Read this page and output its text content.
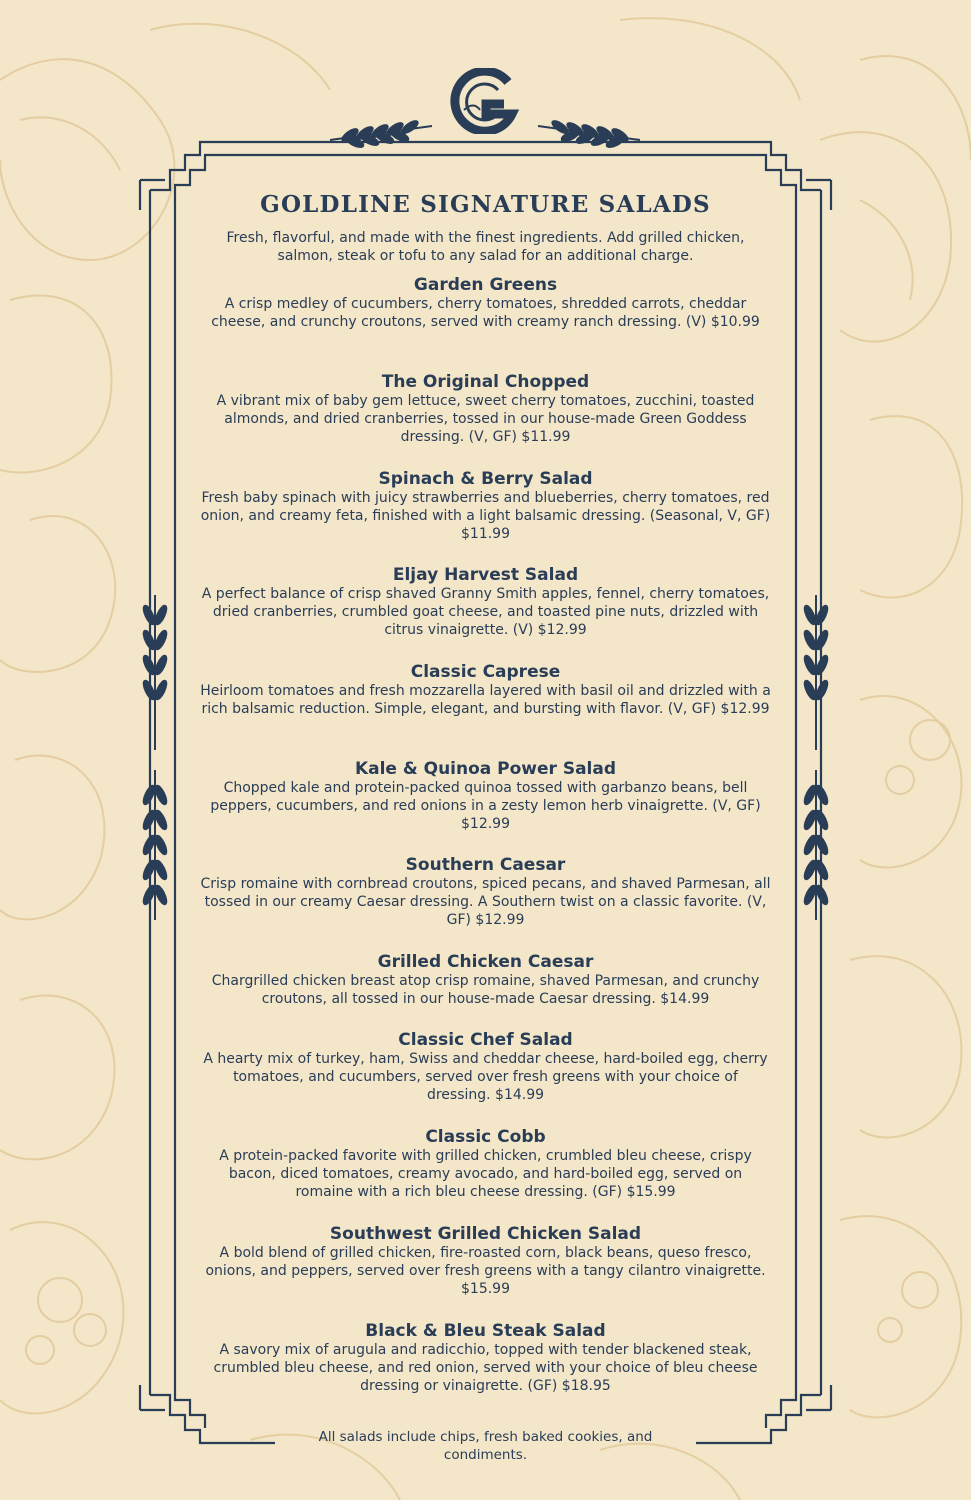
GOLDLINE SIGNATURE SALADS
Fresh, flavorful, and made with the finest ingredients. Add grilled chicken, salmon, steak or tofu to any salad for an additional charge.
Garden Greens
A crisp medley of cucumbers, cherry tomatoes, shredded carrots, cheddar cheese, and crunchy croutons, served with creamy ranch dressing. (V) $10.99
The Original Chopped
A vibrant mix of baby gem lettuce, sweet cherry tomatoes, zucchini, toasted almonds, and dried cranberries, tossed in our house-made Green Goddess dressing. (V, GF) $11.99
Spinach & Berry Salad
Fresh baby spinach with juicy strawberries and blueberries, cherry tomatoes, red onion, and creamy feta, finished with a light balsamic dressing. (Seasonal, V, GF) $11.99
Eljay Harvest Salad
A perfect balance of crisp shaved Granny Smith apples, fennel, cherry tomatoes, dried cranberries, crumbled goat cheese, and toasted pine nuts, drizzled with citrus vinaigrette. (V) $12.99
Classic Caprese
Heirloom tomatoes and fresh mozzarella layered with basil oil and drizzled with a rich balsamic reduction. Simple, elegant, and bursting with flavor. (V, GF) $12.99
Kale & Quinoa Power Salad
Chopped kale and protein-packed quinoa tossed with garbanzo beans, bell peppers, cucumbers, and red onions in a zesty lemon herb vinaigrette. (V, GF) $12.99
Southern Caesar
Crisp romaine with cornbread croutons, spiced pecans, and shaved Parmesan, all tossed in our creamy Caesar dressing. A Southern twist on a classic favorite. (V, GF) $12.99
Grilled Chicken Caesar
Chargrilled chicken breast atop crisp romaine, shaved Parmesan, and crunchy croutons, all tossed in our house-made Caesar dressing. $14.99
Classic Chef Salad
A hearty mix of turkey, ham, Swiss and cheddar cheese, hard-boiled egg, cherry tomatoes, and cucumbers, served over fresh greens with your choice of dressing. $14.99
Classic Cobb
A protein-packed favorite with grilled chicken, crumbled bleu cheese, crispy bacon, diced tomatoes, creamy avocado, and hard-boiled egg, served on romaine with a rich bleu cheese dressing. (GF) $15.99
Southwest Grilled Chicken Salad
A bold blend of grilled chicken, fire-roasted corn, black beans, queso fresco, onions, and peppers, served over fresh greens with a tangy cilantro vinaigrette. $15.99
Black & Bleu Steak Salad
A savory mix of arugula and radicchio, topped with tender blackened steak, crumbled bleu cheese, and red onion, served with your choice of bleu cheese dressing or vinaigrette. (GF) $18.95
All salads include chips, fresh baked cookies, and condiments.
